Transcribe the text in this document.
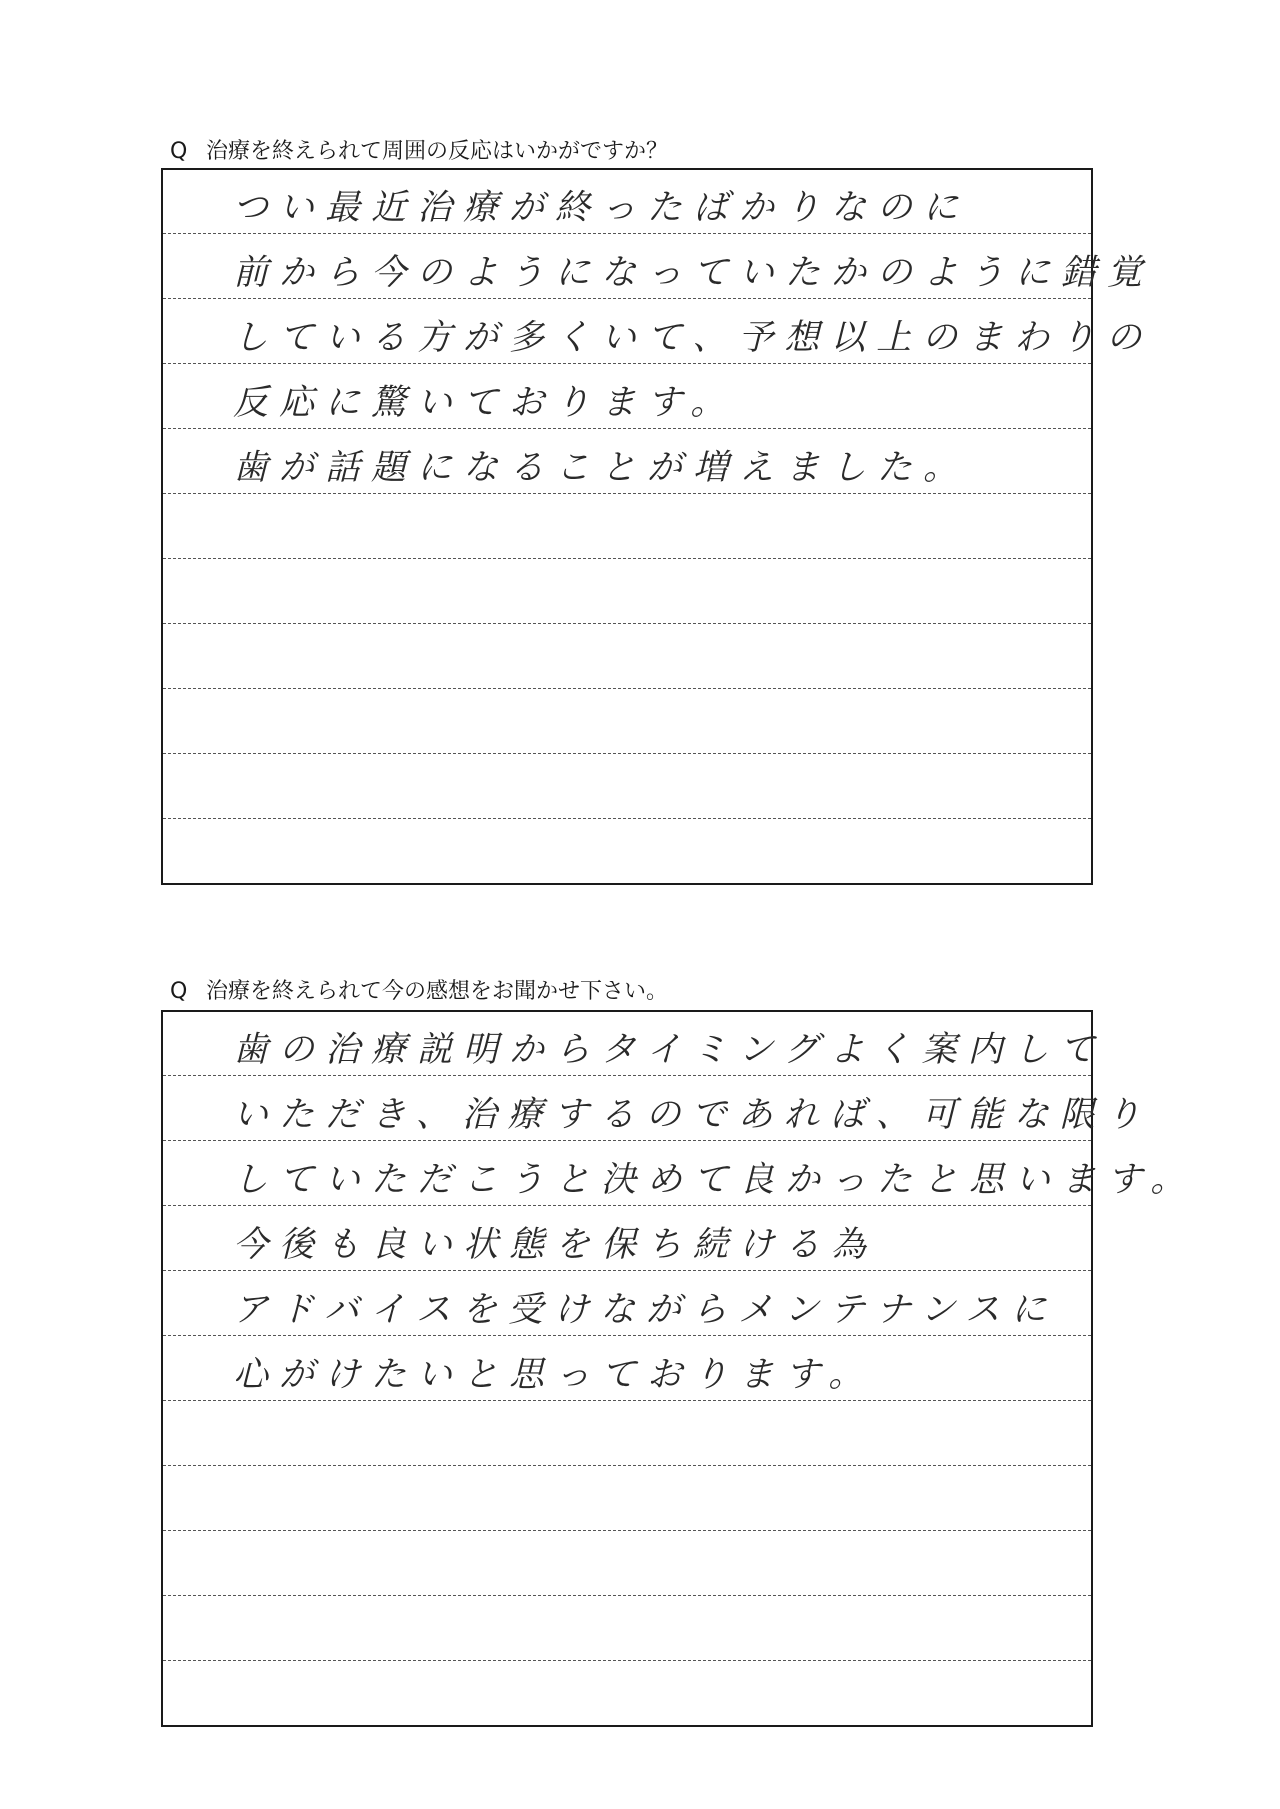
Q 治療を終えられて周囲の反応はいかがですか？
つい最近治療が終ったばかりなのに
前から今のようになっていたかのように錯覚
している方が多くいて、予想以上のまわりの
反応に驚いております。
歯が話題になることが増えました。
Q 治療を終えられて今の感想をお聞かせ下さい。
歯の治療説明からタイミングよく案内して
いただき、治療するのであれば、可能な限り
していただこうと決めて良かったと思います。
今後も良い状態を保ち続ける為
アドバイスを受けながらメンテナンスに
心がけたいと思っております。
